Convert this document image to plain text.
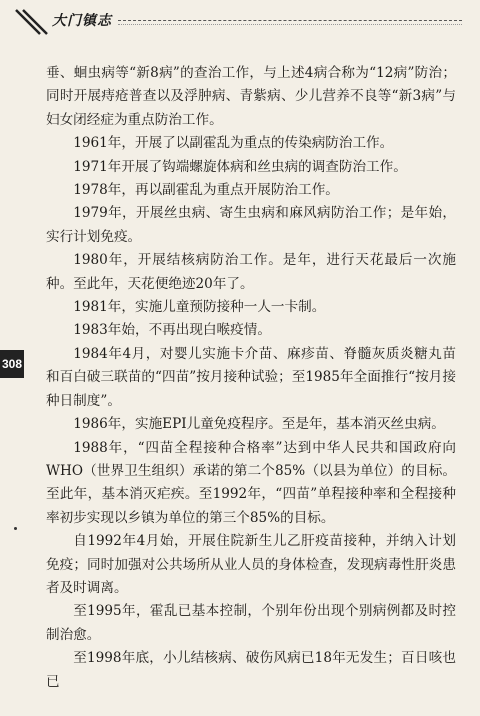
大门镇志
308

垂、蛔虫病等“新8病”的查治工作，与上述4病合称为“12病”防治；同时开展痔疮普查以及浮肿病、青紫病、少儿营养不良等“新3病”与妇女闭经症为重点防治工作。

1961年，开展了以副霍乱为重点的传染病防治工作。

1971年开展了钩端螺旋体病和丝虫病的调查防治工作。

1978年，再以副霍乱为重点开展防治工作。

1979年，开展丝虫病、寄生虫病和麻风病防治工作；是年始，实行计划免疫。

1980年，开展结核病防治工作。是年，进行天花最后一次施种。至此年，天花便绝迹20年了。

1981年，实施儿童预防接种一人一卡制。

1983年始，不再出现白喉疫情。

1984年4月，对婴儿实施卡介苗、麻疹苗、脊髓灰质炎糖丸苗和百白破三联苗的“四苗”按月接种试验；至1985年全面推行“按月接种日制度”。

1986年，实施EPI儿童免疫程序。至是年，基本消灭丝虫病。

1988年，“四苗全程接种合格率”达到中华人民共和国政府向WHO（世界卫生组织）承诺的第二个85%（以县为单位）的目标。至此年，基本消灭疟疾。至1992年，“四苗”单程接种率和全程接种率初步实现以乡镇为单位的第三个85%的目标。

自1992年4月始，开展住院新生儿乙肝疫苗接种，并纳入计划免疫；同时加强对公共场所从业人员的身体检查，发现病毒性肝炎患者及时调离。

至1995年，霍乱已基本控制，个别年份出现个别病例都及时控制治愈。

至1998年底，小儿结核病、破伤风病已18年无发生；百日咳也已
